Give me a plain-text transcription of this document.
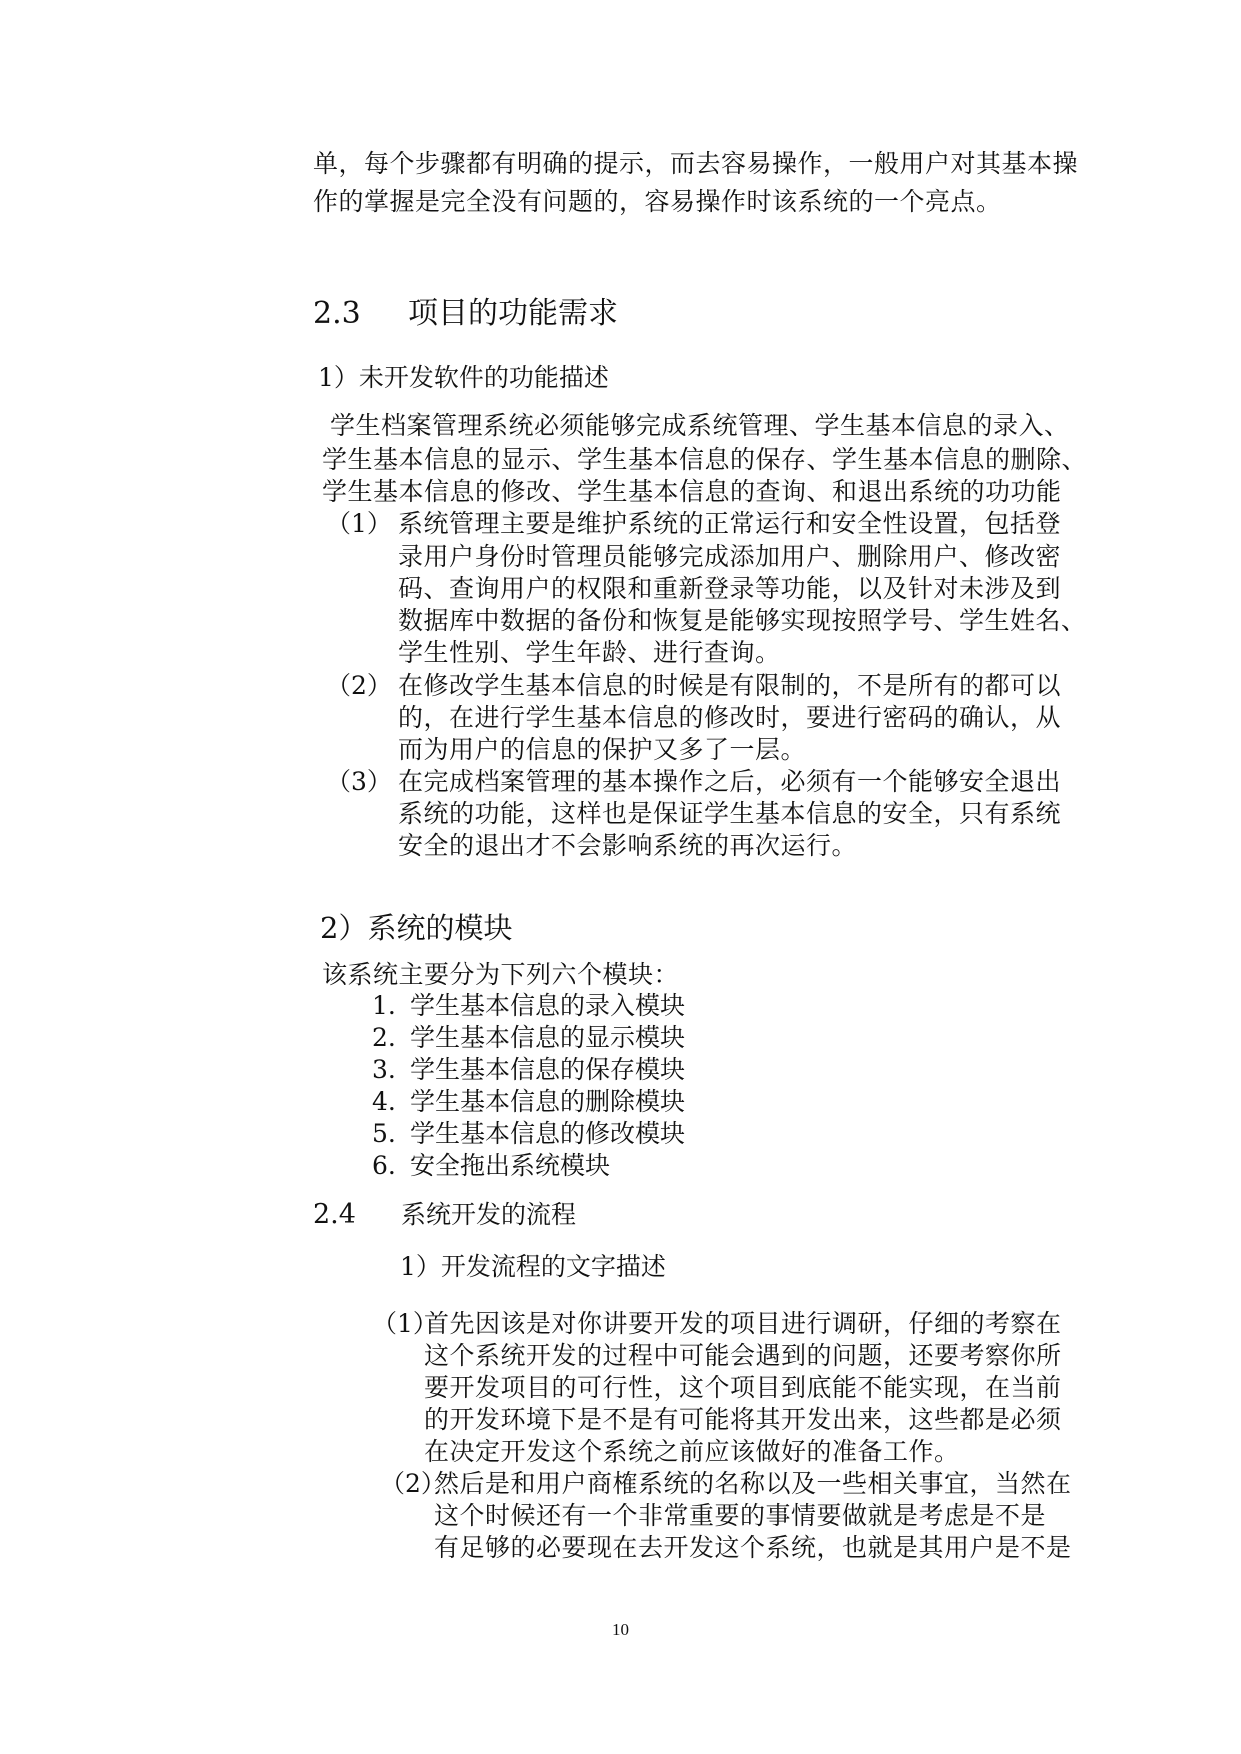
单，每个步骤都有明确的提示，而去容易操作，一般用户对其基本操
作的掌握是完全没有问题的，容易操作时该系统的一个亮点。
2.3 项目的功能需求
1）未开发软件的功能描述
学生档案管理系统必须能够完成系统管理、学生基本信息的录入、
学生基本信息的显示、学生基本信息的保存、学生基本信息的删除、
学生基本信息的修改、学生基本信息的查询、和退出系统的功功能
（1） 系统管理主要是维护系统的正常运行和安全性设置，包括登
录用户身份时管理员能够完成添加用户、删除用户、修改密
码、查询用户的权限和重新登录等功能，以及针对未涉及到
数据库中数据的备份和恢复是能够实现按照学号、学生姓名、
学生性别、学生年龄、进行查询。
（2） 在修改学生基本信息的时候是有限制的，不是所有的都可以
的，在进行学生基本信息的修改时，要进行密码的确认，从
而为用户的信息的保护又多了一层。
（3） 在完成档案管理的基本操作之后，必须有一个能够安全退出
系统的功能，这样也是保证学生基本信息的安全，只有系统
安全的退出才不会影响系统的再次运行。
2）系统的模块
该系统主要分为下列六个模块：
1. 学生基本信息的录入模块
2. 学生基本信息的显示模块
3. 学生基本信息的保存模块
4. 学生基本信息的删除模块
5. 学生基本信息的修改模块
6. 安全拖出系统模块
2.4 系统开发的流程
1）开发流程的文字描述
（1）
首先因该是对你讲要开发的项目进行调研，仔细的考察在
这个系统开发的过程中可能会遇到的问题，还要考察你所
要开发项目的可行性，这个项目到底能不能实现，在当前
的开发环境下是不是有可能将其开发出来，这些都是必须
在决定开发这个系统之前应该做好的准备工作。
（2）
然后是和用户商榷系统的名称以及一些相关事宜，当然在
这个时候还有一个非常重要的事情要做就是考虑是不是
有足够的必要现在去开发这个系统，也就是其用户是不是
10
